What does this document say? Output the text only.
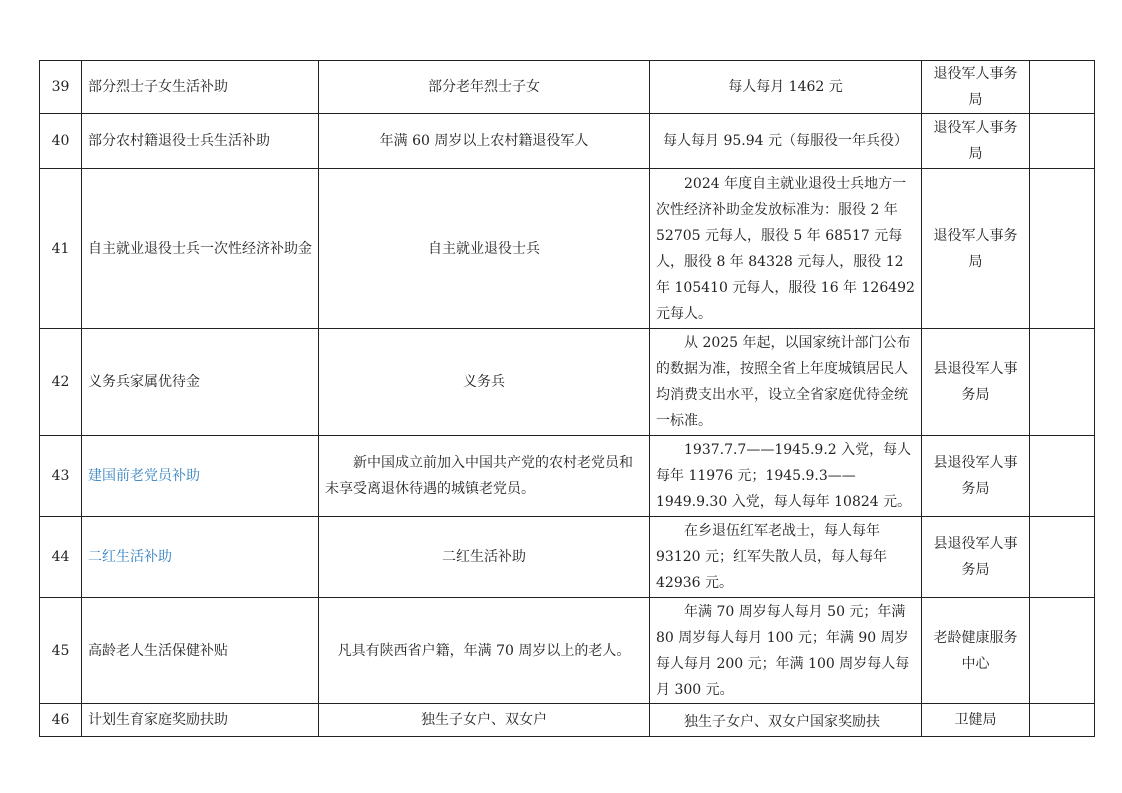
39	部分烈士子女生活补助	部分老年烈士子女	每人每月 1462 元	退役军人事务局	
40	部分农村籍退役士兵生活补助	年满 60 周岁以上农村籍退役军人	每人每月 95.94 元（每服役一年兵役）	退役军人事务局	
41	自主就业退役士兵一次性经济补助金	自主就业退役士兵	2024 年度自主就业退役士兵地方一次性经济补助金发放标准为：服役 2 年 52705 元每人，服役 5 年 68517 元每人，服役 8 年 84328 元每人，服役 12 年 105410 元每人，服役 16 年 126492 元每人。	退役军人事务局	
42	义务兵家属优待金	义务兵	从 2025 年起，以国家统计部门公布的数据为准，按照全省上年度城镇居民人均消费支出水平，设立全省家庭优待金统一标准。	县退役军人事务局	
43	建国前老党员补助	新中国成立前加入中国共产党的农村老党员和未享受离退休待遇的城镇老党员。	1937.7.7——1945.9.2 入党，每人每年 11976 元；1945.9.3——1949.9.30 入党，每人每年 10824 元。	县退役军人事务局	
44	二红生活补助	二红生活补助	在乡退伍红军老战士，每人每年 93120 元；红军失散人员，每人每年 42936 元。	县退役军人事务局	
45	高龄老人生活保健补贴	凡具有陕西省户籍，年满 70 周岁以上的老人。	年满 70 周岁每人每月 50 元；年满 80 周岁每人每月 100 元；年满 90 周岁每人每月 200 元；年满 100 周岁每人每月 300 元。	老龄健康服务中心	
46	计划生育家庭奖励扶助	独生子女户、双女户	独生子女户、双女户国家奖励扶	卫健局	
